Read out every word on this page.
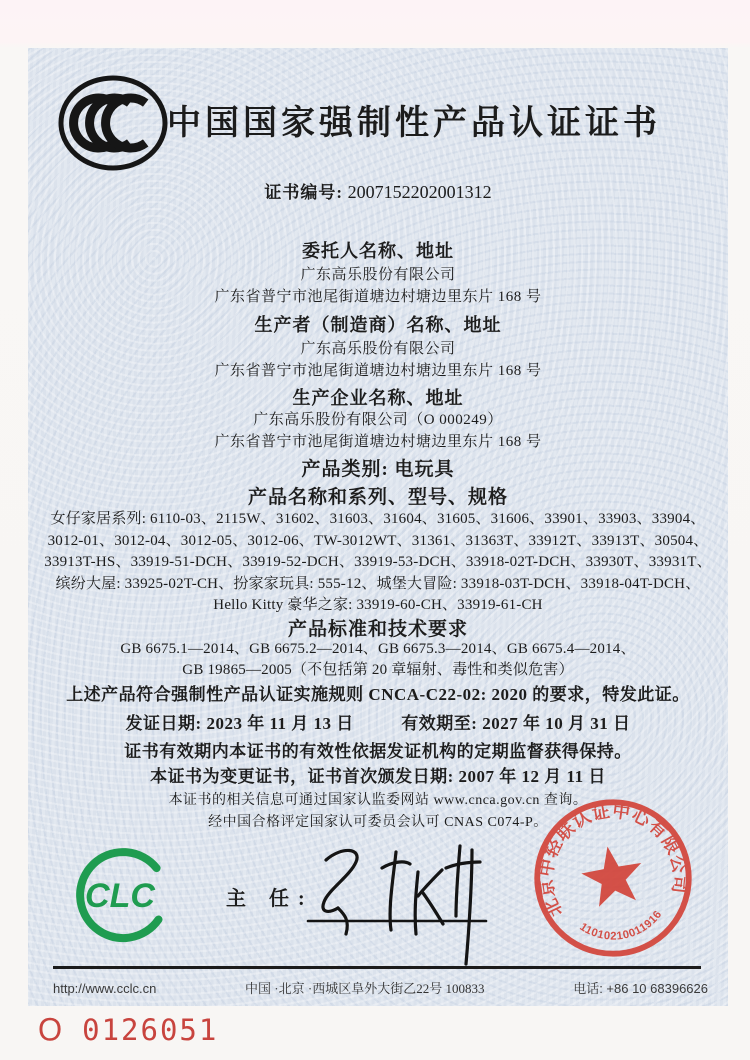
中国国家强制性产品认证证书
证书编号: 2007152202001312
委托人名称、地址
广东高乐股份有限公司
广东省普宁市池尾街道塘边村塘边里东片 168 号
生产者（制造商）名称、地址
广东高乐股份有限公司
广东省普宁市池尾街道塘边村塘边里东片 168 号
生产企业名称、地址
广东高乐股份有限公司（O 000249）
广东省普宁市池尾街道塘边村塘边里东片 168 号
产品类别: 电玩具
产品名称和系列、型号、规格
女仔家居系列: 6110-03、2115W、31602、31603、31604、31605、31606、33901、33903、33904、
3012-01、3012-04、3012-05、3012-06、TW-3012WT、31361、31363T、33912T、33913T、30504、
33913T-HS、33919-51-DCH、33919-52-DCH、33919-53-DCH、33918-02T-DCH、33930T、33931T、
缤纷大屋: 33925-02T-CH、扮家家玩具: 555-12、城堡大冒险: 33918-03T-DCH、33918-04T-DCH、
Hello Kitty 豪华之家: 33919-60-CH、33919-61-CH
产品标准和技术要求
GB 6675.1—2014、GB 6675.2—2014、GB 6675.3—2014、GB 6675.4—2014、
GB 19865—2005（不包括第 20 章辐射、毒性和类似危害）
上述产品符合强制性产品认证实施规则 CNCA-C22-02: 2020 的要求，特发此证。
发证日期: 2023 年 11 月 13 日	有效期至: 2027 年 10 月 31 日
证书有效期内本证书的有效性依据发证机构的定期监督获得保持。
本证书为变更证书，证书首次颁发日期: 2007 年 12 月 11 日
本证书的相关信息可通过国家认监委网站 www.cnca.gov.cn 查询。
经中国合格评定国家认可委员会认可 CNAS C074-P。
CLC	主 任:	北京中轻联认证中心有限公司
11010210011916
http://www.cclc.cn	中国 ·北京 ·西城区阜外大街乙22号 100833	电话: +86 10 68396626
O 0126051
